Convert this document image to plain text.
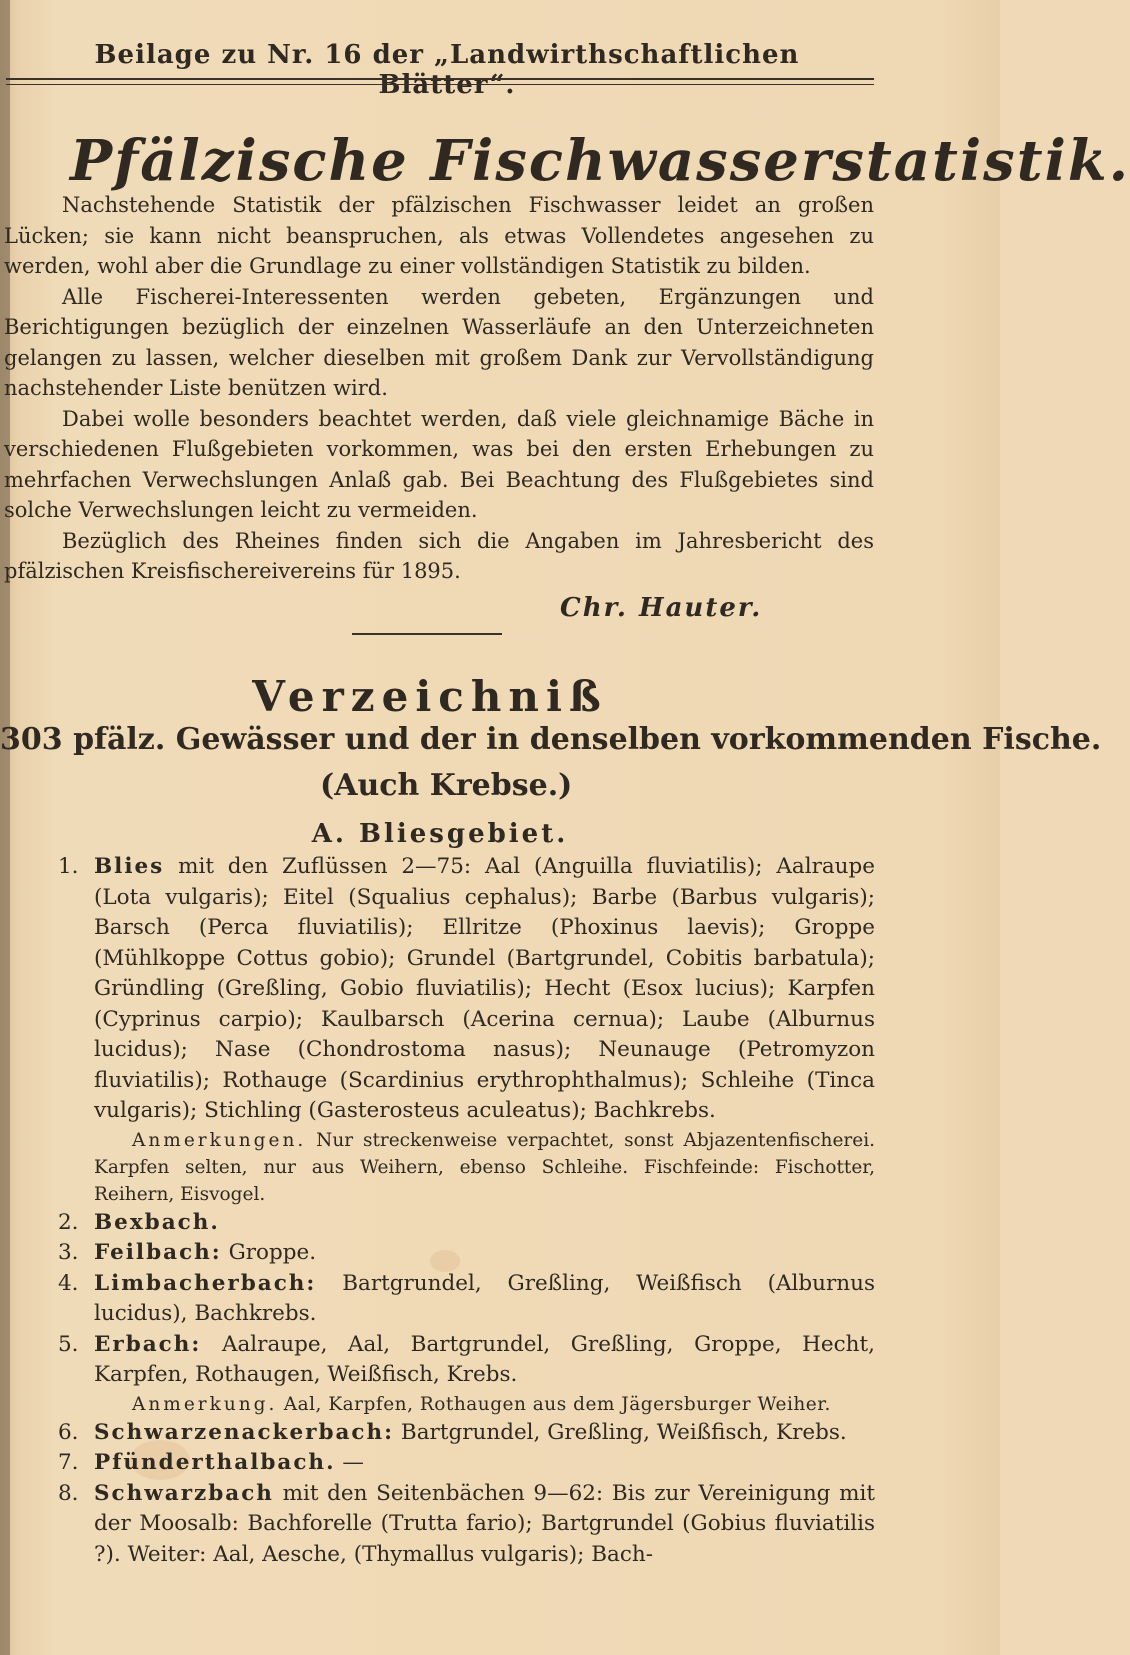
Beilage zu Nr. 16 der „Landwirthschaftlichen Blätter“.
Pfälzische Fischwasserstatistik.

Nachstehende Statistik der pfälzischen Fischwasser leidet an großen Lücken; sie kann nicht beanspruchen, als etwas Vollendetes angesehen zu werden, wohl aber die Grundlage zu einer vollständigen Statistik zu bilden.

Alle Fischerei-Interessenten werden gebeten, Ergänzungen und Berichtigungen bezüglich der einzelnen Wasserläufe an den Unterzeichneten gelangen zu lassen, welcher dieselben mit großem Dank zur Vervollständigung nachstehender Liste benützen wird.

Dabei wolle besonders beachtet werden, daß viele gleichnamige Bäche in verschiedenen Flußgebieten vorkommen, was bei den ersten Erhebungen zu mehrfachen Verwechslungen Anlaß gab. Bei Beachtung des Flußgebietes sind solche Verwechslungen leicht zu vermeiden.

Bezüglich des Rheines finden sich die Angaben im Jahresbericht des pfälzischen Kreisfischereivereins für 1895.

Chr. Hauter.
Verzeichniß
303 pfälz. Gewässer und der in denselben vorkommenden Fische.
(Auch Krebse.)
A. Bliesgebiet.
1. Blies mit den Zuflüssen 2—75: Aal (Anguilla fluviatilis); Aalraupe (Lota vulgaris); Eitel (Squalius cephalus); Barbe (Barbus vulgaris); Barsch (Perca fluviatilis); Ellritze (Phoxinus laevis); Groppe (Mühlkoppe Cottus gobio); Grundel (Bartgrundel, Cobitis barbatula); Gründling (Greßling, Gobio fluviatilis); Hecht (Esox lucius); Karpfen (Cyprinus carpio); Kaulbarsch (Acerina cernua); Laube (Alburnus lucidus); Nase (Chondrostoma nasus); Neunauge (Petromyzon fluviatilis); Rothauge (Scardinius erythrophthalmus); Schleihe (Tinca vulgaris); Stichling (Gasterosteus aculeatus); Bachkrebs.
Anmerkungen. Nur streckenweise verpachtet, sonst Abjazentenfischerei. Karpfen selten, nur aus Weihern, ebenso Schleihe. Fischfeinde: Fischotter, Reihern, Eisvogel.
2. Bexbach.
3. Feilbach: Groppe.
4. Limbacherbach: Bartgrundel, Greßling, Weißfisch (Alburnus lucidus), Bachkrebs.
5. Erbach: Aalraupe, Aal, Bartgrundel, Greßling, Groppe, Hecht, Karpfen, Rothaugen, Weißfisch, Krebs.
Anmerkung. Aal, Karpfen, Rothaugen aus dem Jägersburger Weiher.
6. Schwarzenackerbach: Bartgrundel, Greßling, Weißfisch, Krebs.
7. Pfünderthalbach. —
8. Schwarzbach mit den Seitenbächen 9—62: Bis zur Vereinigung mit der Moosalb: Bachforelle (Trutta fario); Bartgrundel (Gobius fluviatilis ?). Weiter: Aal, Aesche, (Thymallus vulgaris); Bach-
